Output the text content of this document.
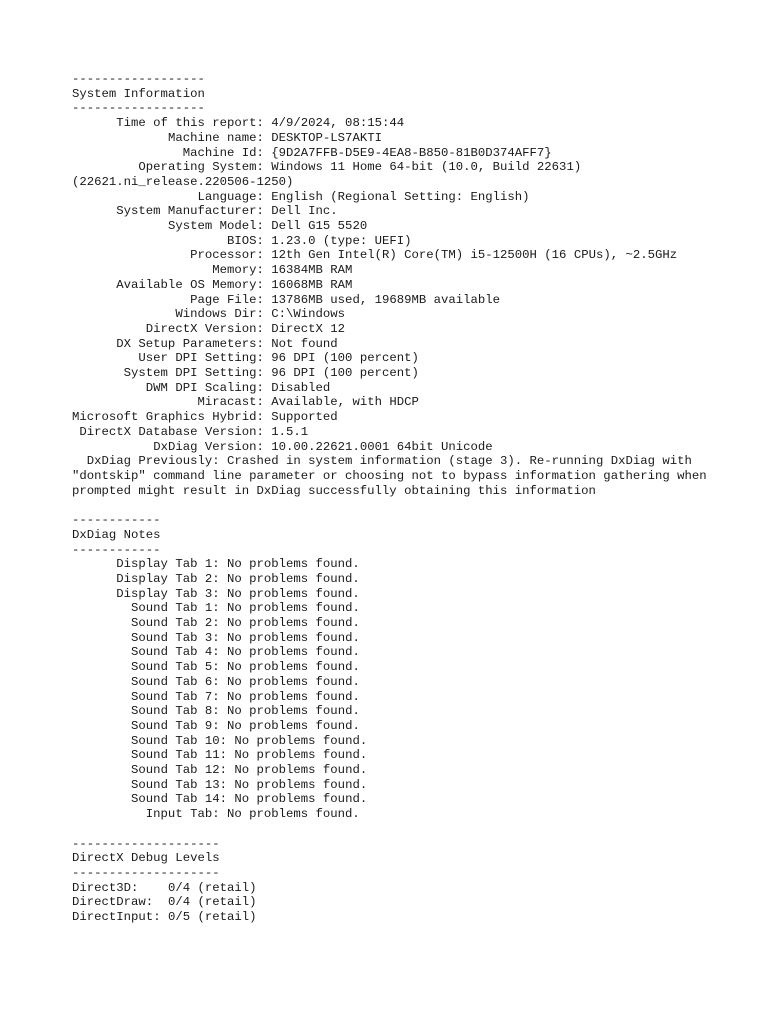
------------------
System Information
------------------
Time of this report: 4/9/2024, 08:15:44
Machine name: DESKTOP-LS7AKTI
Machine Id: {9D2A7FFB-D5E9-4EA8-B850-81B0D374AFF7}
Operating System: Windows 11 Home 64-bit (10.0, Build 22631) (22621.ni_release.220506-1250)
Language: English (Regional Setting: English)
System Manufacturer: Dell Inc.
System Model: Dell G15 5520
BIOS: 1.23.0 (type: UEFI)
Processor: 12th Gen Intel(R) Core(TM) i5-12500H (16 CPUs), ~2.5GHz
Memory: 16384MB RAM
Available OS Memory: 16068MB RAM
Page File: 13786MB used, 19689MB available
Windows Dir: C:\Windows
DirectX Version: DirectX 12
DX Setup Parameters: Not found
User DPI Setting: 96 DPI (100 percent)
System DPI Setting: 96 DPI (100 percent)
DWM DPI Scaling: Disabled
Miracast: Available, with HDCP
Microsoft Graphics Hybrid: Supported
DirectX Database Version: 1.5.1
DxDiag Version: 10.00.22621.0001 64bit Unicode
DxDiag Previously: Crashed in system information (stage 3). Re-running DxDiag with "dontskip" command line parameter or choosing not to bypass information gathering when prompted might result in DxDiag successfully obtaining this information

------------
DxDiag Notes
------------
Display Tab 1: No problems found.
Display Tab 2: No problems found.
Display Tab 3: No problems found.
Sound Tab 1: No problems found.
Sound Tab 2: No problems found.
Sound Tab 3: No problems found.
Sound Tab 4: No problems found.
Sound Tab 5: No problems found.
Sound Tab 6: No problems found.
Sound Tab 7: No problems found.
Sound Tab 8: No problems found.
Sound Tab 9: No problems found.
Sound Tab 10: No problems found.
Sound Tab 11: No problems found.
Sound Tab 12: No problems found.
Sound Tab 13: No problems found.
Sound Tab 14: No problems found.
Input Tab: No problems found.

--------------------
DirectX Debug Levels
--------------------
Direct3D: 0/4 (retail)
DirectDraw: 0/4 (retail)
DirectInput: 0/5 (retail)
